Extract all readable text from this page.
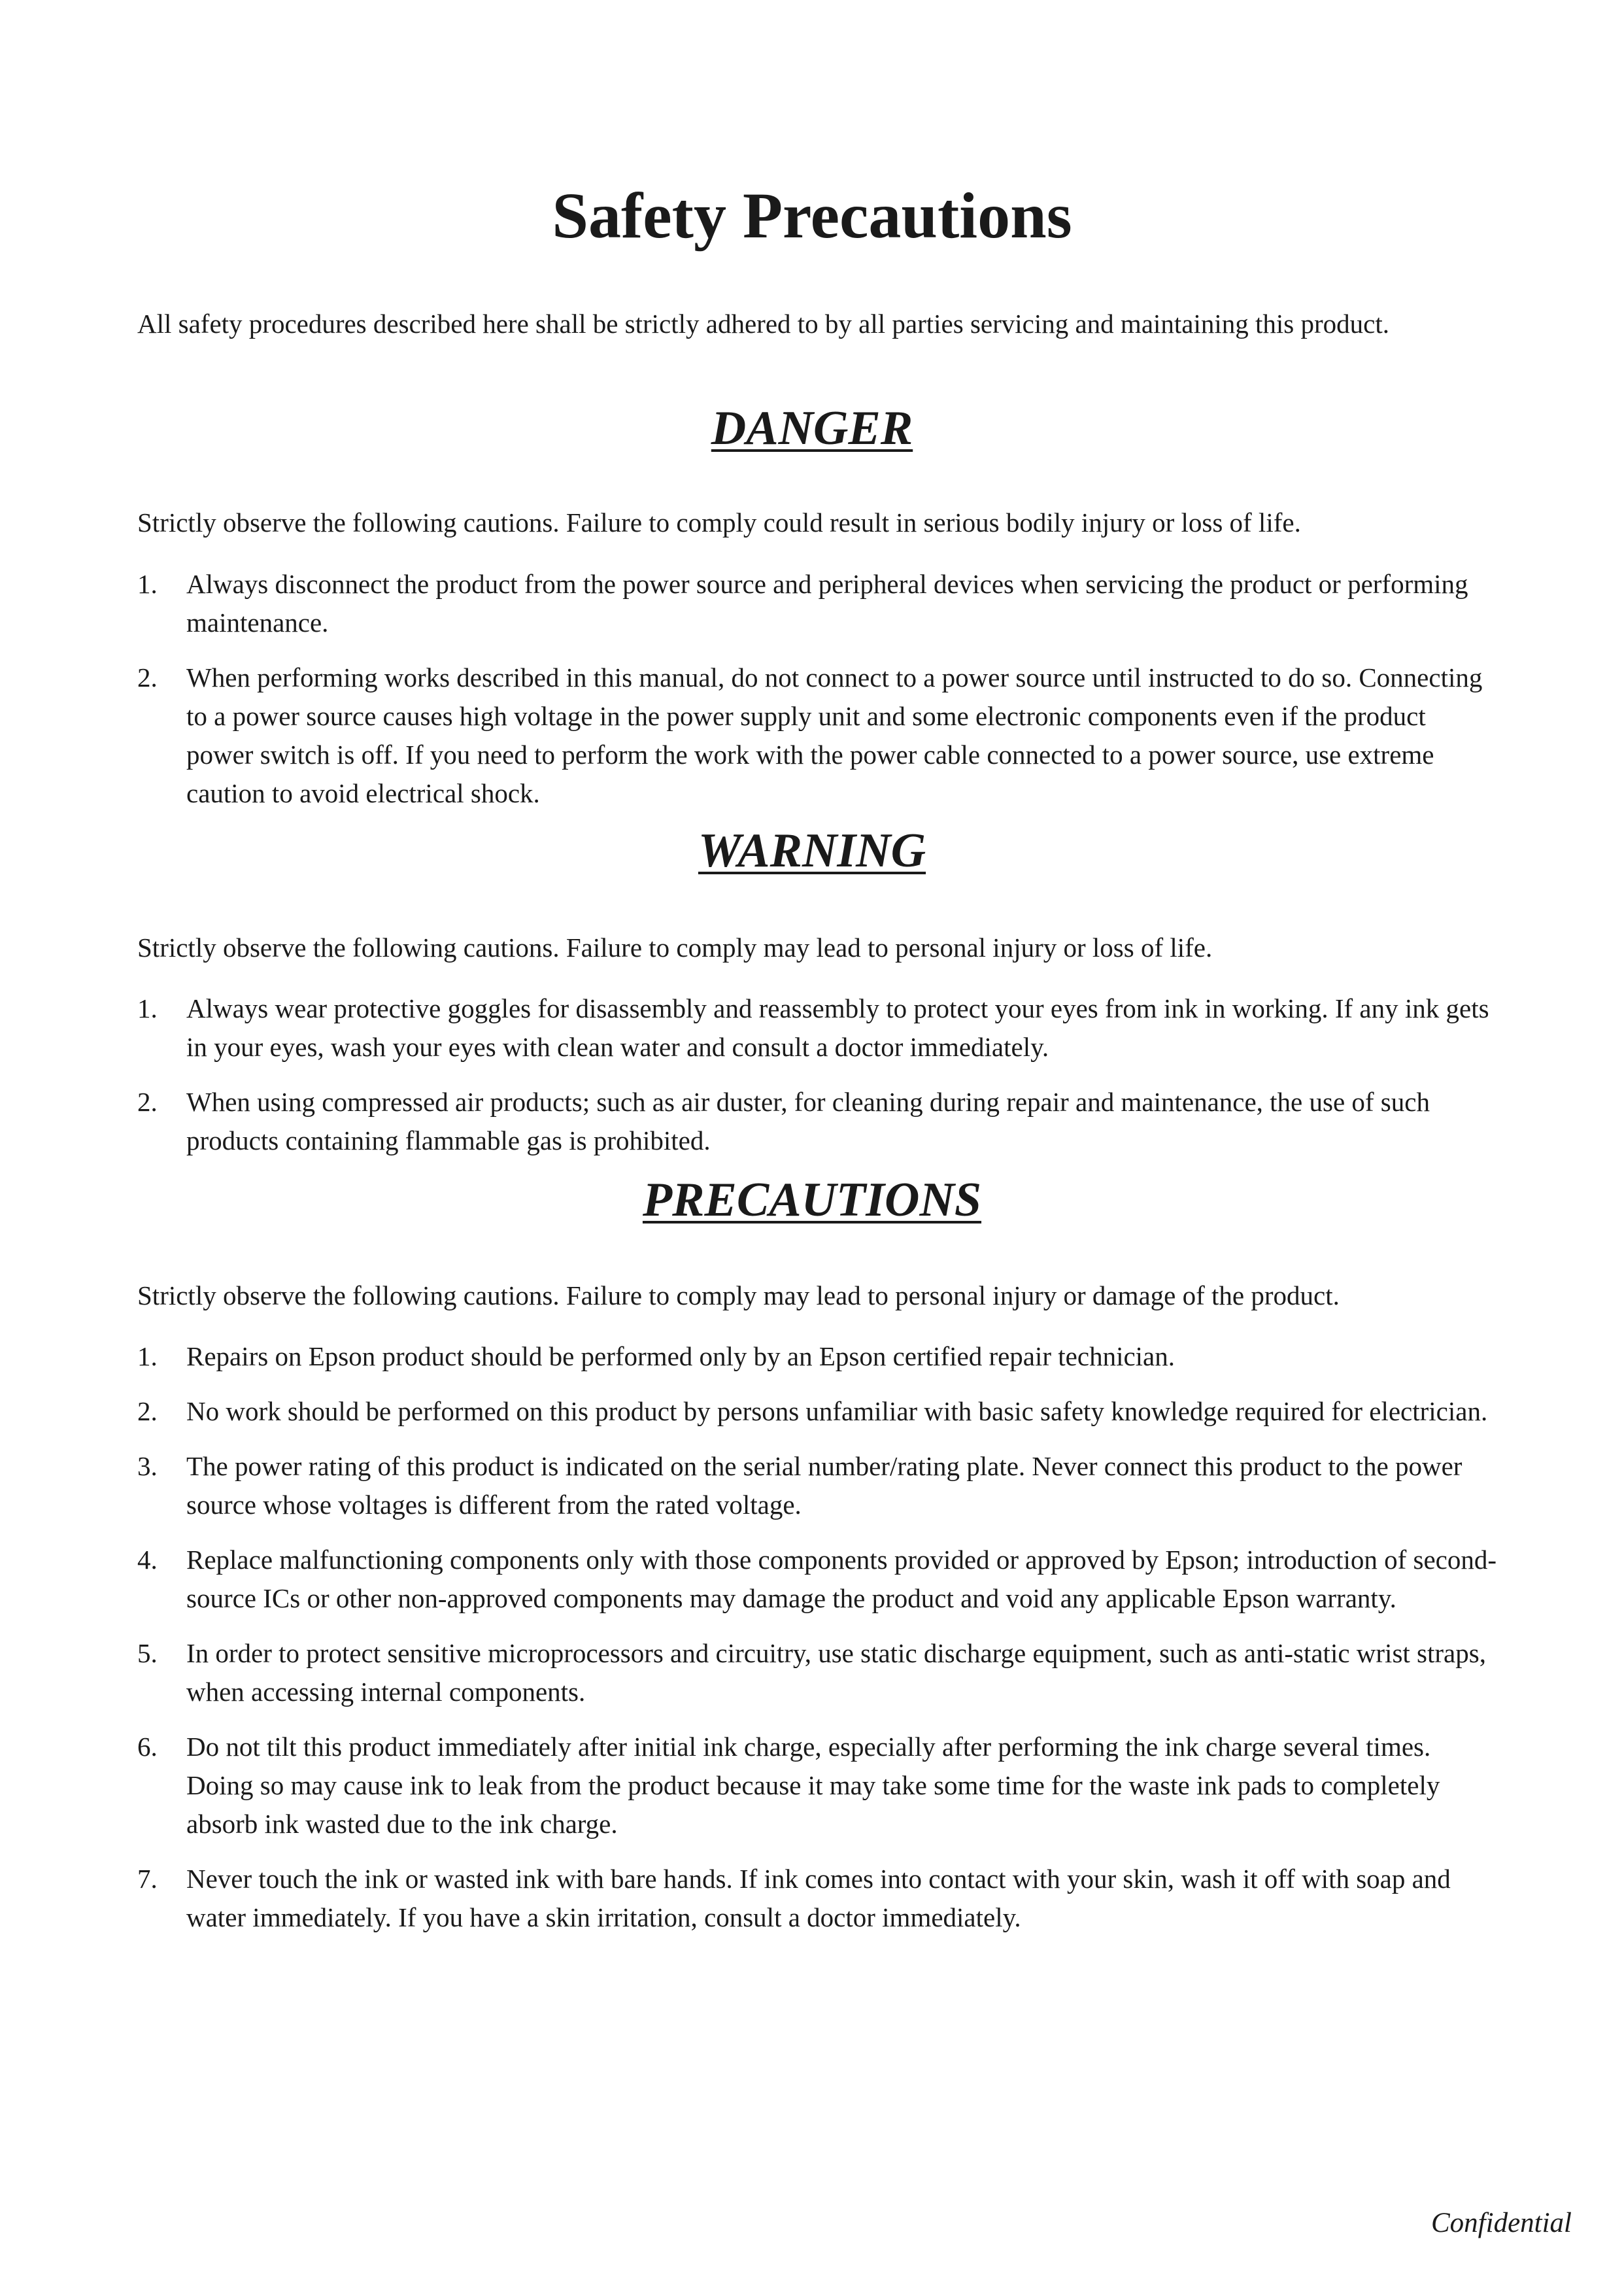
Safety Precautions

All safety procedures described here shall be strictly adhered to by all parties servicing and maintaining this product.

DANGER

Strictly observe the following cautions. Failure to comply could result in serious bodily injury or loss of life.

1. Always disconnect the product from the power source and peripheral devices when servicing the product or performing maintenance.
2. When performing works described in this manual, do not connect to a power source until instructed to do so. Connecting to a power source causes high voltage in the power supply unit and some electronic components even if the product power switch is off. If you need to perform the work with the power cable connected to a power source, use extreme caution to avoid electrical shock.
WARNING

Strictly observe the following cautions. Failure to comply may lead to personal injury or loss of life.

1. Always wear protective goggles for disassembly and reassembly to protect your eyes from ink in working. If any ink gets in your eyes, wash your eyes with clean water and consult a doctor immediately.
2. When using compressed air products; such as air duster, for cleaning during repair and maintenance, the use of such products containing flammable gas is prohibited.
PRECAUTIONS

Strictly observe the following cautions. Failure to comply may lead to personal injury or damage of the product.

1. Repairs on Epson product should be performed only by an Epson certified repair technician.
2. No work should be performed on this product by persons unfamiliar with basic safety knowledge required for electrician.
3. The power rating of this product is indicated on the serial number/rating plate. Never connect this product to the power source whose voltages is different from the rated voltage.
4. Replace malfunctioning components only with those components provided or approved by Epson; introduction of second-source ICs or other non-approved components may damage the product and void any applicable Epson warranty.
5. In order to protect sensitive microprocessors and circuitry, use static discharge equipment, such as anti-static wrist straps, when accessing internal components.
6. Do not tilt this product immediately after initial ink charge, especially after performing the ink charge several times. Doing so may cause ink to leak from the product because it may take some time for the waste ink pads to completely absorb ink wasted due to the ink charge.
7. Never touch the ink or wasted ink with bare hands. If ink comes into contact with your skin, wash it off with soap and water immediately. If you have a skin irritation, consult a doctor immediately.

Confidential
